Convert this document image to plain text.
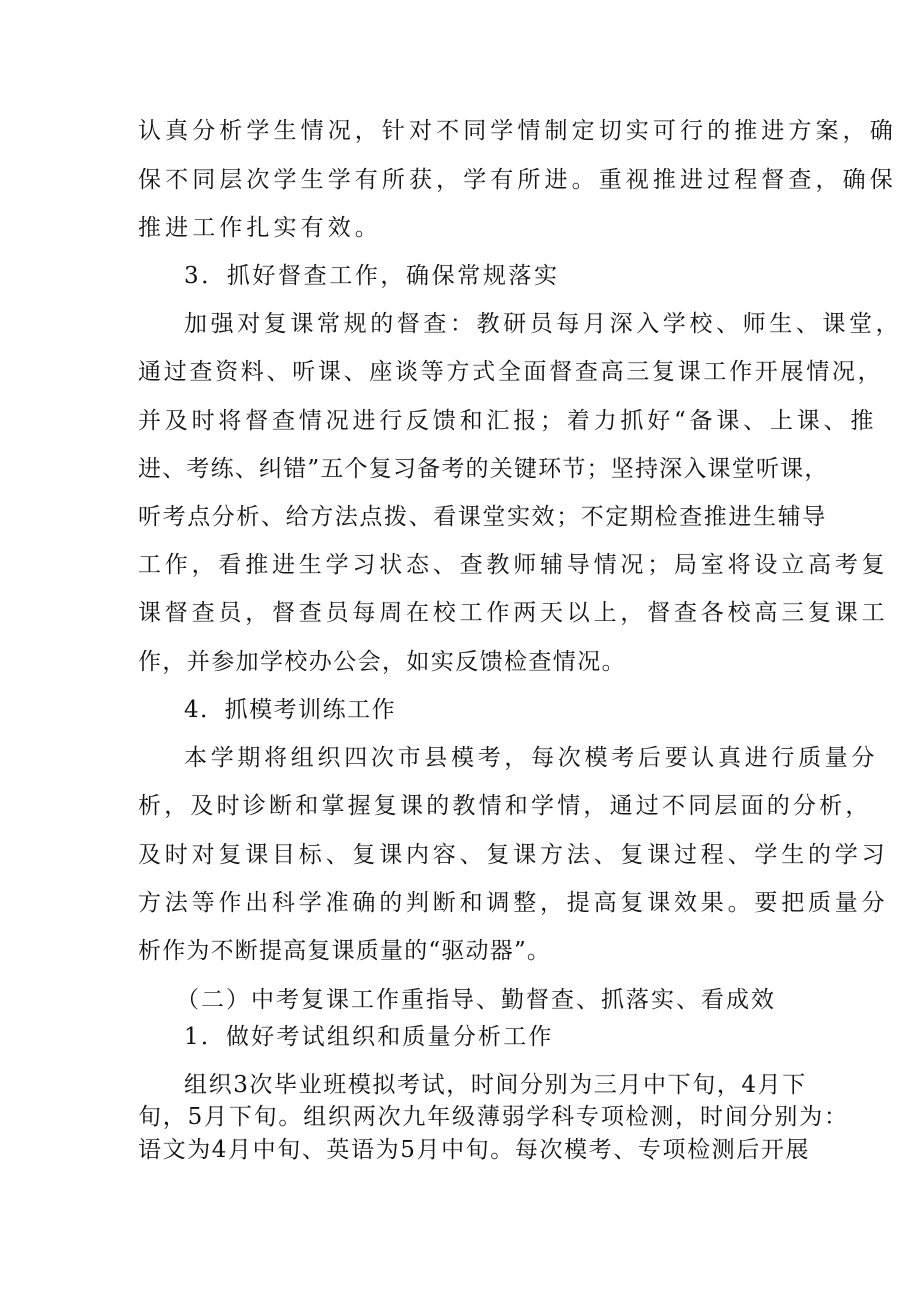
认真分析学生情况，针对不同学情制定切实可行的推进方案，确

保不同层次学生学有所获，学有所进。重视推进过程督查，确保

推进工作扎实有效。

3．抓好督查工作，确保常规落实

加强对复课常规的督查：教研员每月深入学校、师生、课堂，

通过查资料、听课、座谈等方式全面督查高三复课工作开展情况，

并及时将督查情况进行反馈和汇报；着力抓好“备课、上课、推

进、考练、纠错”五个复习备考的关键环节；坚持深入课堂听课，

听考点分析、给方法点拨、看课堂实效；不定期检查推进生辅导

工作，看推进生学习状态、查教师辅导情况；局室将设立高考复

课督查员，督查员每周在校工作两天以上，督查各校高三复课工

作，并参加学校办公会，如实反馈检查情况。

4．抓模考训练工作

本学期将组织四次市县模考，每次模考后要认真进行质量分

析，及时诊断和掌握复课的教情和学情，通过不同层面的分析，

及时对复课目标、复课内容、复课方法、复课过程、学生的学习

方法等作出科学准确的判断和调整，提高复课效果。要把质量分

析作为不断提高复课质量的“驱动器”。

（二）中考复课工作重指导、勤督查、抓落实、看成效

1．做好考试组织和质量分析工作

组织3次毕业班模拟考试，时间分别为三月中下旬，4月下

旬，5月下旬。组织两次九年级薄弱学科专项检测，时间分别为：

语文为4月中旬、英语为5月中旬。每次模考、专项检测后开展
